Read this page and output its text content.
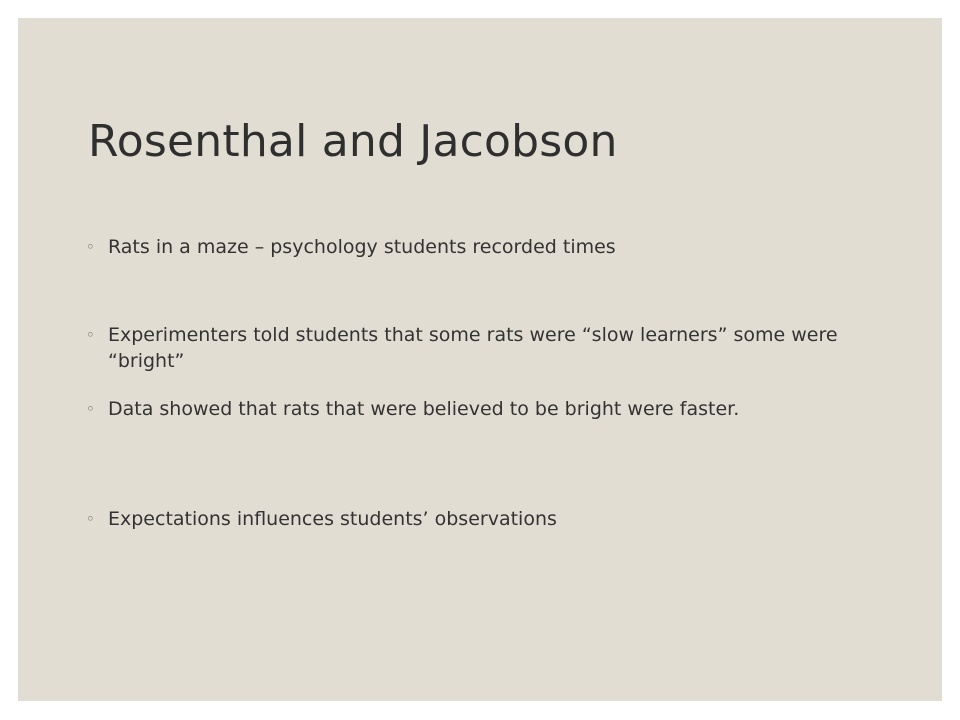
Rosenthal and Jacobson
◦ Rats in a maze – psychology students recorded times
◦ Experimenters told students that some rats were “slow learners” some were “bright”
◦ Data showed that rats that were believed to be bright were faster.
◦ Expectations influences students’ observations
